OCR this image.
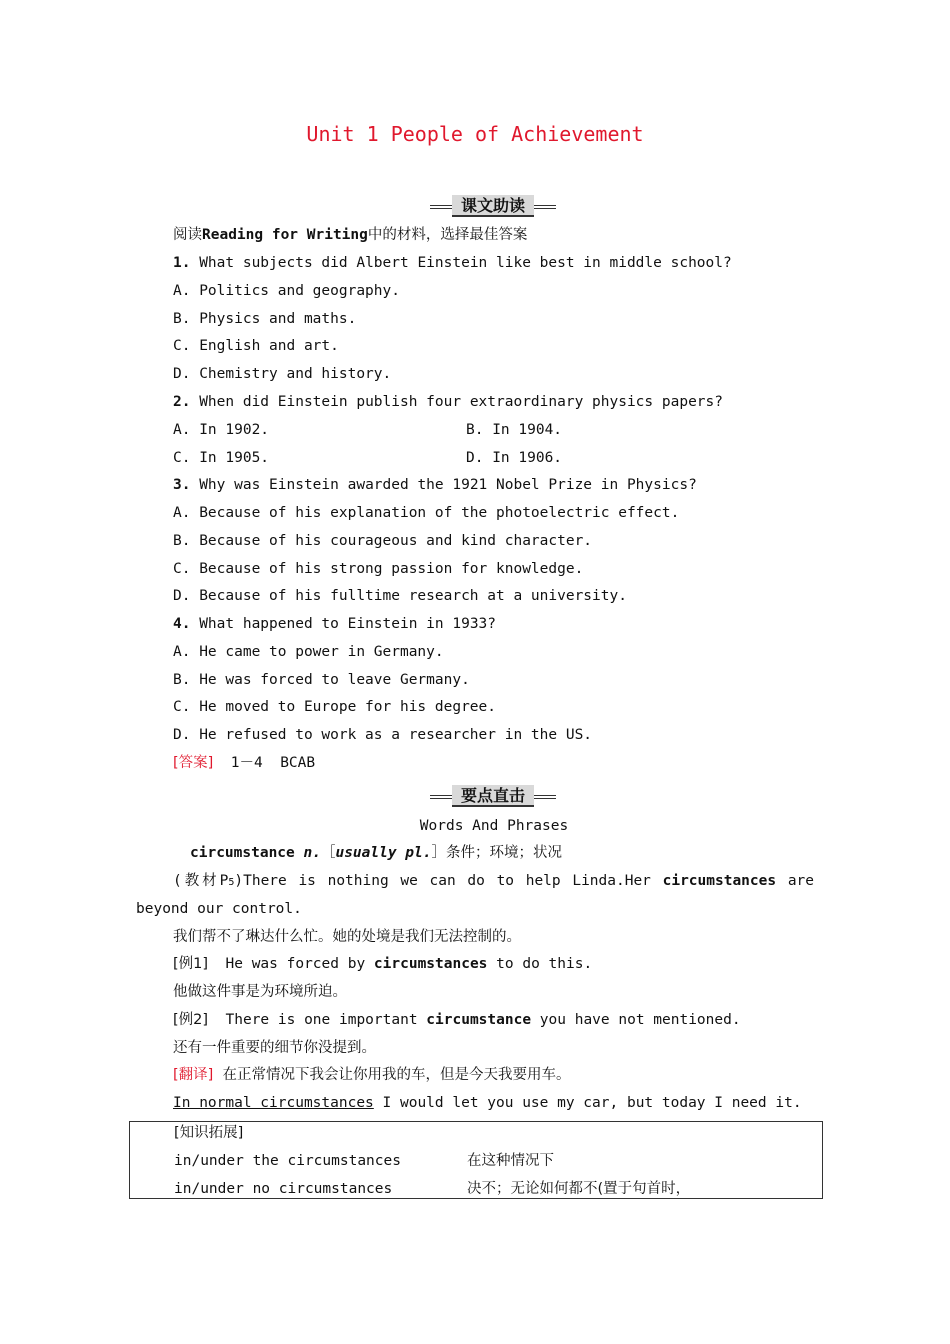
Unit 1 People of Achievement
课文助读
阅读Reading for Writing中的材料，选择最佳答案
1. What subjects did Albert Einstein like best in middle school?
A. Politics and geography.
B. Physics and maths.
C. English and art.
D. Chemistry and history.
2. When did Einstein publish four extraordinary physics papers?
A. In 1902.	B. In 1904.
C. In 1905.	D. In 1906.
3. Why was Einstein awarded the 1921 Nobel Prize in Physics?
A. Because of his explanation of the photoelectric effect.
B. Because of his courageous and kind character.
C. Because of his strong passion for knowledge.
D. Because of his fulltime research at a university.
4. What happened to Einstein in 1933?
A. He came to power in Germany.
B. He was forced to leave Germany.
C. He moved to Europe for his degree.
D. He refused to work as a researcher in the US.
[答案]  1－4  BCAB
要点直击
Words And Phrases
circumstance n.［usually pl.］条件；环境；状况
(教材P5)There is nothing we can do to help Linda.Her circumstances are
beyond our control.
我们帮不了琳达什么忙。她的处境是我们无法控制的。
[例1]  He was forced by circumstances to do this.
他做这件事是为环境所迫。
[例2]  There is one important circumstance you have not mentioned.
还有一件重要的细节你没提到。
[翻译]  在正常情况下我会让你用我的车，但是今天我要用车。
In normal circumstances I would let you use my car, but today I need it.
[知识拓展]
in/under the circumstances	在这种情况下
in/under no circumstances	决不；无论如何都不(置于句首时，
